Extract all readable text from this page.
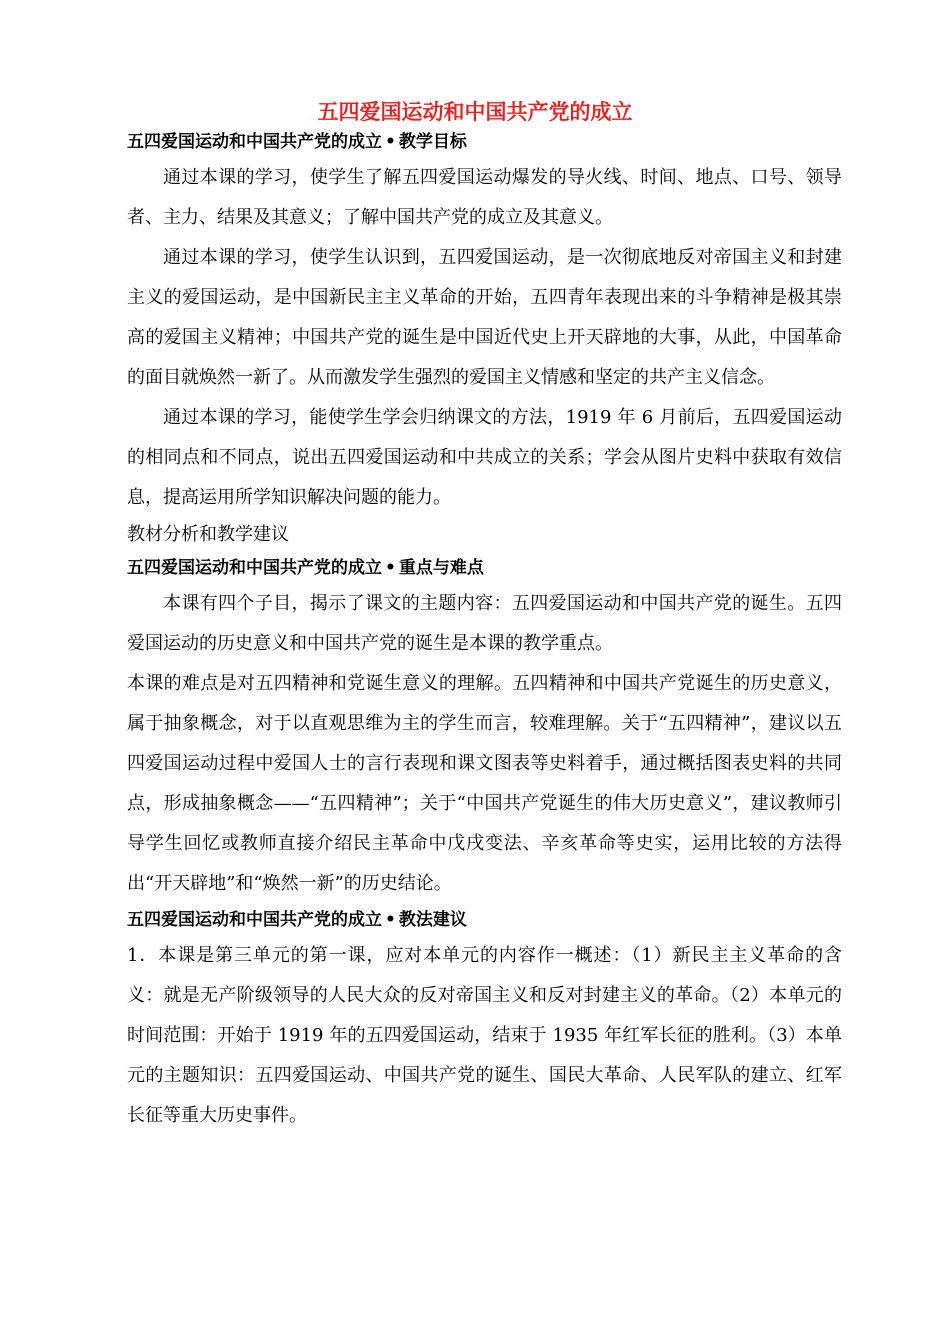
五四爱国运动和中国共产党的成立

五四爱国运动和中国共产党的成立 • 教学目标

通过本课的学习，使学生了解五四爱国运动爆发的导火线、时间、地点、口号、领导者、主力、结果及其意义；了解中国共产党的成立及其意义。

通过本课的学习，使学生认识到，五四爱国运动，是一次彻底地反对帝国主义和封建主义的爱国运动，是中国新民主主义革命的开始，五四青年表现出来的斗争精神是极其崇高的爱国主义精神；中国共产党的诞生是中国近代史上开天辟地的大事，从此，中国革命的面目就焕然一新了。从而激发学生强烈的爱国主义情感和坚定的共产主义信念。

通过本课的学习，能使学生学会归纳课文的方法，1919 年 6 月前后，五四爱国运动的相同点和不同点，说出五四爱国运动和中共成立的关系；学会从图片史料中获取有效信息，提高运用所学知识解决问题的能力。

教材分析和教学建议

五四爱国运动和中国共产党的成立 • 重点与难点

本课有四个子目，揭示了课文的主题内容：五四爱国运动和中国共产党的诞生。五四爱国运动的历史意义和中国共产党的诞生是本课的教学重点。

本课的难点是对五四精神和党诞生意义的理解。五四精神和中国共产党诞生的历史意义，属于抽象概念，对于以直观思维为主的学生而言，较难理解。关于“五四精神”，建议以五四爱国运动过程中爱国人士的言行表现和课文图表等史料着手，通过概括图表史料的共同点，形成抽象概念——“五四精神”；关于“中国共产党诞生的伟大历史意义”，建议教师引导学生回忆或教师直接介绍民主革命中戊戌变法、辛亥革命等史实，运用比较的方法得出“开天辟地”和“焕然一新”的历史结论。

五四爱国运动和中国共产党的成立 • 教法建议

1．本课是第三单元的第一课，应对本单元的内容作一概述：（1）新民主主义革命的含义：就是无产阶级领导的人民大众的反对帝国主义和反对封建主义的革命。（2）本单元的时间范围：开始于 1919 年的五四爱国运动，结束于 1935 年红军长征的胜利。（3）本单元的主题知识：五四爱国运动、中国共产党的诞生、国民大革命、人民军队的建立、红军长征等重大历史事件。
